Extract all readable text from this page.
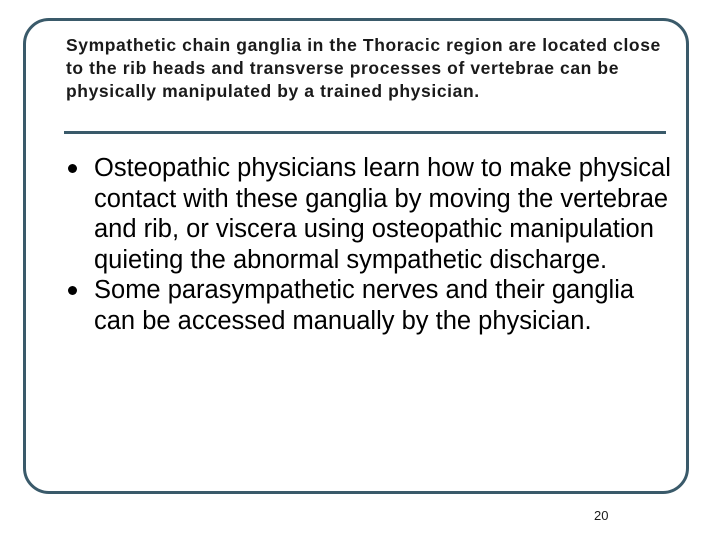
Sympathetic chain ganglia in the Thoracic region are located close to the rib heads and transverse processes of vertebrae can be physically manipulated by a trained physician.
Osteopathic physicians learn how to make physical contact with these ganglia by moving the vertebrae and rib, or viscera using osteopathic manipulation quieting the abnormal sympathetic discharge.
Some parasympathetic nerves and their ganglia can be accessed manually by the physician.
20
